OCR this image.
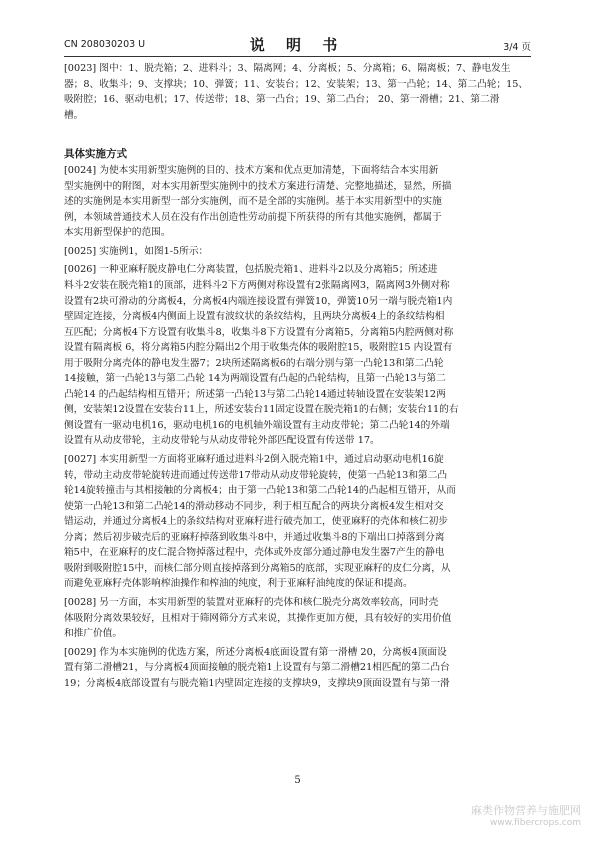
CN 208030203 U	说 明 书	3/4 页
[0023] 图中：1、脱壳箱；2、进料斗；3、隔离网；4、分离板；5、分离箱；6、隔离板；7、静电发生
器；8、收集斗；9、支撑块；10、弹簧；11、安装台；12、安装架；13、第一凸轮；14、第二凸轮；15、
吸附腔；16、驱动电机；17、传送带；18、第一凸台；19、第二凸台； 20、第一滑槽；21、第二滑
槽。
具体实施方式
[0024] 为使本实用新型实施例的目的、技术方案和优点更加清楚，下面将结合本实用新
型实施例中的附图，对本实用新型实施例中的技术方案进行清楚、完整地描述，显然，所描
述的实施例是本实用新型一部分实施例，而不是全部的实施例。基于本实用新型中的实施
例，本领域普通技术人员在没有作出创造性劳动前提下所获得的所有其他实施例，都属于
本实用新型保护的范围。
[0025] 实施例1，如图1-5所示：
[0026] 一种亚麻籽脱皮静电仁分离装置，包括脱壳箱1、进料斗2以及分离箱5；所述进
料斗2安装在脱壳箱1的顶部，进料斗2下方两侧对称设置有2张隔离网3，隔离网3外侧对称
设置有2块可滑动的分离板4，分离板4内端连接设置有弹簧10，弹簧10另一端与脱壳箱1内
壁固定连接，分离板4内侧面上设置有波纹状的条纹结构，且两块分离板4上的条纹结构相
互匹配；分离板4下方设置有收集斗8，收集斗8下方设置有分离箱5，分离箱5内腔两侧对称
设置有隔离板 6，将分离箱5内腔分隔出2个用于收集壳体的吸附腔15，吸附腔15 内设置有
用于吸附分离壳体的静电发生器7；2块所述隔离板6的右端分别与第一凸轮13和第二凸轮
14接触，第一凸轮13与第二凸轮 14为两端设置有凸起的凸轮结构，且第一凸轮13与第二
凸轮14 的凸起结构相互错开；所述第一凸轮13与第二凸轮14通过转轴设置在安装架12两
侧，安装架12设置在安装台11上，所述安装台11固定设置在脱壳箱1的右侧；安装台11的右
侧设置有一驱动电机16，驱动电机16的电机轴外端设置有主动皮带轮；第二凸轮14的外端
设置有从动皮带轮，主动皮带轮与从动皮带轮外部匹配设置有传送带 17。
[0027] 本实用新型一方面将亚麻籽通过进料斗2倒入脱壳箱1中，通过启动驱动电机16旋
转，带动主动皮带轮旋转进而通过传送带17带动从动皮带轮旋转，使第一凸轮13和第二凸
轮14旋转撞击与其相接触的分离板4；由于第一凸轮13和第二凸轮14的凸起相互错开，从而
使第一凸轮13和第二凸轮14的滑动移动不同步，利于相互配合的两块分离板4发生相对交
错运动，并通过分离板4上的条纹结构对亚麻籽进行破壳加工，使亚麻籽的壳体和核仁初步
分离；然后初步破壳后的亚麻籽掉落到收集斗8中，并通过收集斗8的下端出口掉落到分离
箱5中，在亚麻籽的皮仁混合物掉落过程中，壳体或外皮部分通过静电发生器7产生的静电
吸附到吸附腔15中，而核仁部分则直接掉落到分离箱5的底部，实现亚麻籽的皮仁分离，从
而避免亚麻籽壳体影响榨油操作和榨油的纯度，利于亚麻籽油纯度的保证和提高。
[0028] 另一方面，本实用新型的装置对亚麻籽的壳体和核仁脱壳分离效率较高，同时壳
体吸附分离效果较好，且相对于筛网筛分方式来说，其操作更加方便，具有较好的实用价值
和推广价值。
[0029] 作为本实施例的优选方案，所述分离板4底面设置有第一滑槽 20，分离板4顶面设
置有第二滑槽21，与分离板4顶面接触的脱壳箱1上设置有与第二滑槽21相匹配的第二凸台
19；分离板4底部设置有与脱壳箱1内壁固定连接的支撑块9，支撑块9顶面设置有与第一滑
5
麻类作物营养与施肥网
www.fibercrops.com
